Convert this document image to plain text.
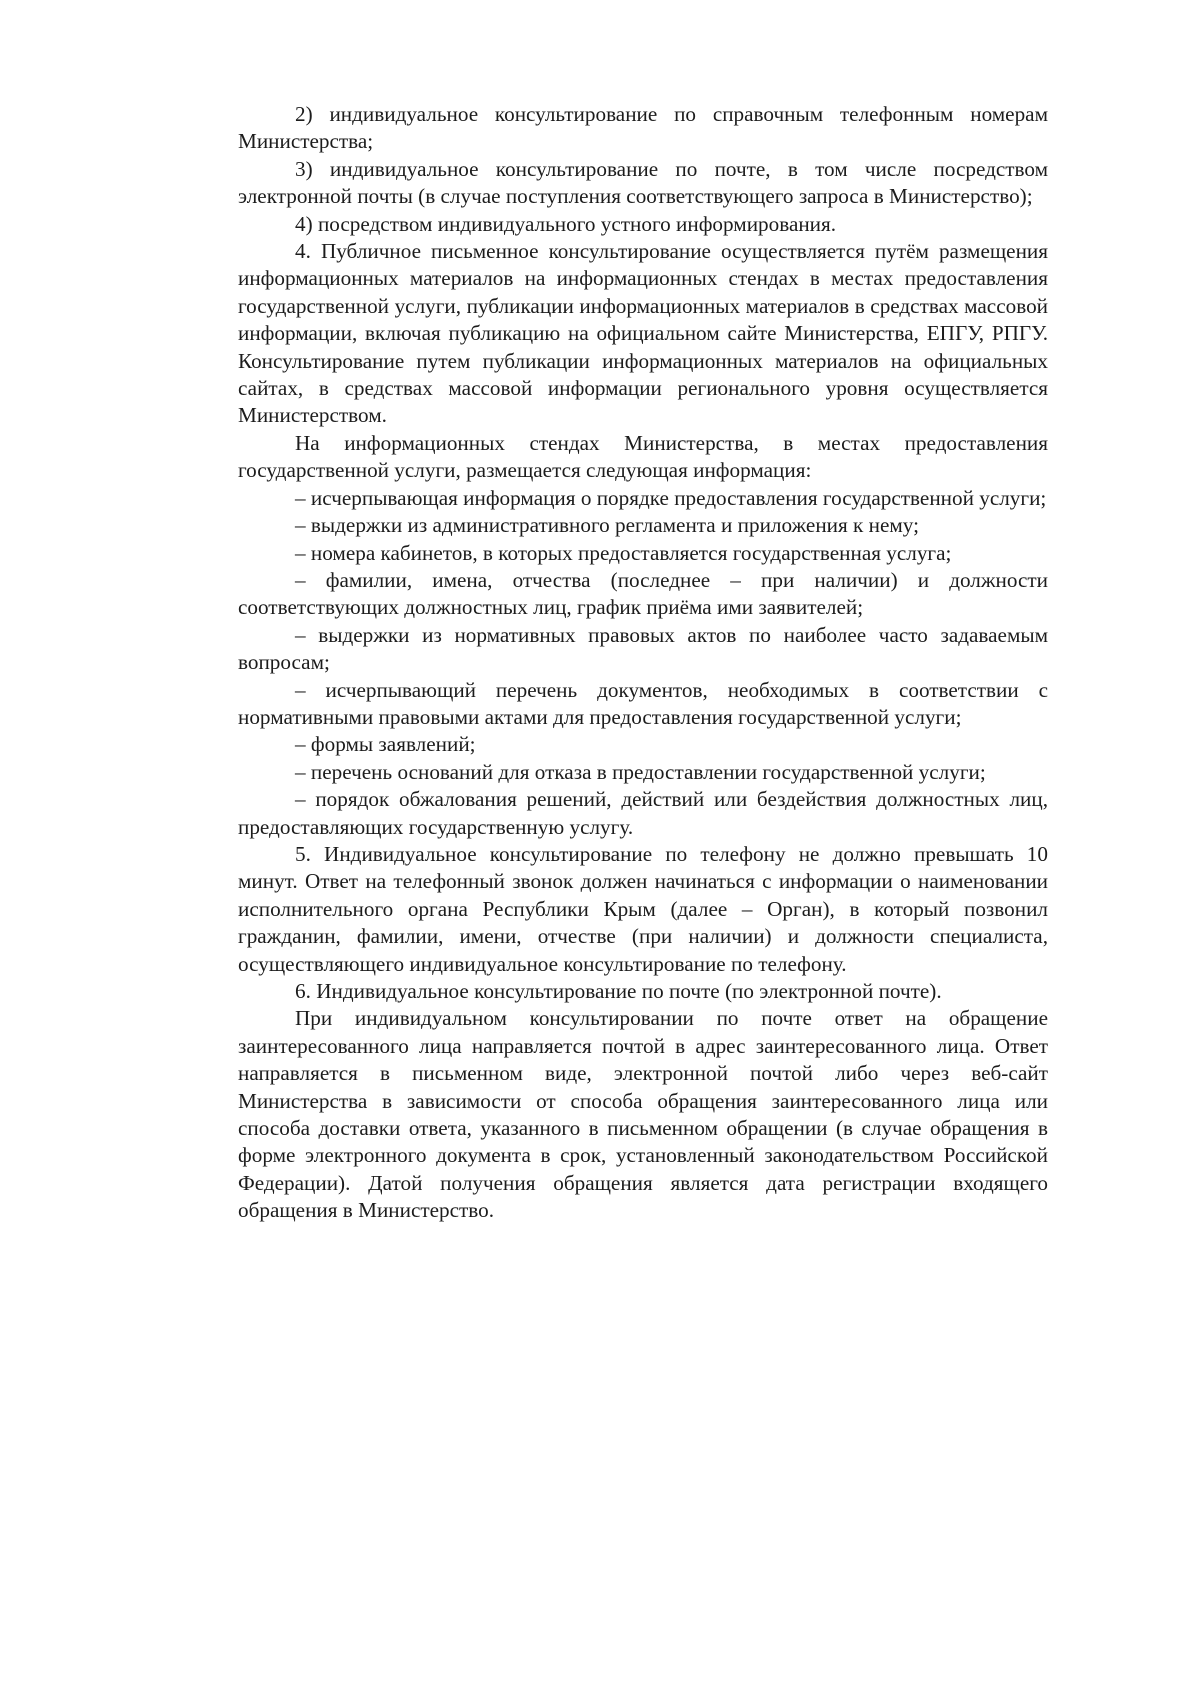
2) индивидуальное консультирование по справочным телефонным номерам Министерства;

3) индивидуальное консультирование по почте, в том числе посредством электронной почты (в случае поступления соответствующего запроса в Министерство);

4) посредством индивидуального устного информирования.

4. Публичное письменное консультирование осуществляется путём размещения информационных материалов на информационных стендах в местах предоставления государственной услуги, публикации информационных материалов в средствах массовой информации, включая публикацию на официальном сайте Министерства, ЕПГУ, РПГУ. Консультирование путем публикации информационных материалов на официальных сайтах, в средствах массовой информации регионального уровня осуществляется Министерством.

На информационных стендах Министерства, в местах предоставления государственной услуги, размещается следующая информация:

– исчерпывающая информация о порядке предоставления государственной услуги;

– выдержки из административного регламента и приложения к нему;

– номера кабинетов, в которых предоставляется государственная услуга;

– фамилии, имена, отчества (последнее – при наличии) и должности соответствующих должностных лиц, график приёма ими заявителей;

– выдержки из нормативных правовых актов по наиболее часто задаваемым вопросам;

– исчерпывающий перечень документов, необходимых в соответствии с нормативными правовыми актами для предоставления государственной услуги;

– формы заявлений;

– перечень оснований для отказа в предоставлении государственной услуги;

– порядок обжалования решений, действий или бездействия должностных лиц, предоставляющих государственную услугу.

5. Индивидуальное консультирование по телефону не должно превышать 10 минут. Ответ на телефонный звонок должен начинаться с информации о наименовании исполнительного органа Республики Крым (далее – Орган), в который позвонил гражданин, фамилии, имени, отчестве (при наличии) и должности специалиста, осуществляющего индивидуальное консультирование по телефону.

6. Индивидуальное консультирование по почте (по электронной почте).

При индивидуальном консультировании по почте ответ на обращение заинтересованного лица направляется почтой в адрес заинтересованного лица. Ответ направляется в письменном виде, электронной почтой либо через веб-сайт Министерства в зависимости от способа обращения заинтересованного лица или способа доставки ответа, указанного в письменном обращении (в случае обращения в форме электронного документа в срок, установленный законодательством Российской Федерации). Датой получения обращения является дата регистрации входящего обращения в Министерство.
